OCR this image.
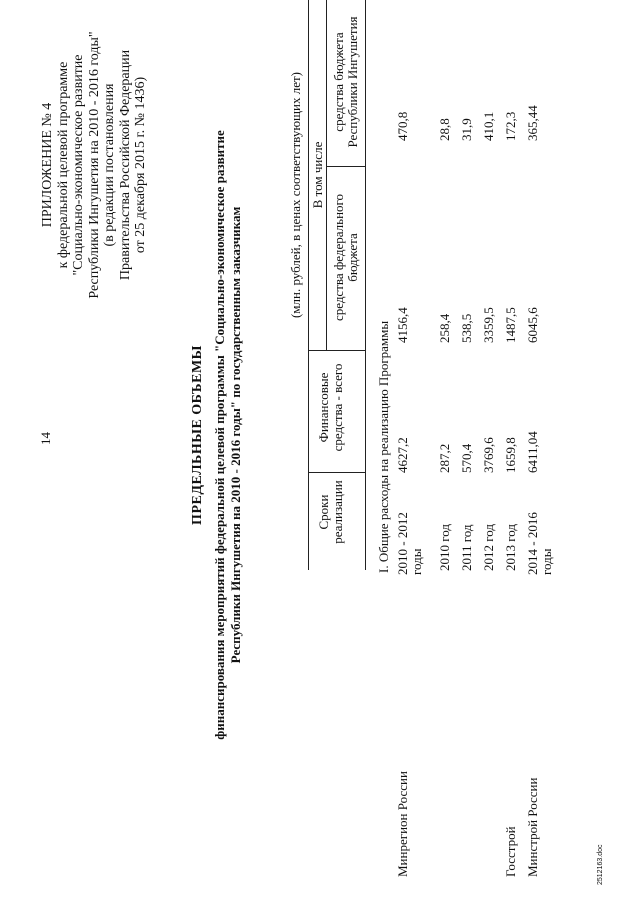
14
2512163.doc
ПРИЛОЖЕНИЕ № 4 к федеральной целевой программе "Социально-экономическое развитие Республики Ингушетия на 2010 - 2016 годы" (в редакции постановления Правительства Российской Федерации от 25 декабря 2015 г. № 1436)
ПРЕДЕЛЬНЫЕ ОБЪЕМЫ финансирования мероприятий федеральной целевой программы "Социально-экономическое развитие Республики Ингушетия на 2010 - 2016 годы" по государственным заказчикам
(млн. рублей, в ценах соответствующих лет)
Сроки реализации
Финансовые средства - всего
В том числе
средства федерального бюджета
средства бюджета Республики Ингушетия
I. Общие расходы на реализацию Программы
Минрегион России
2010 - 2012 годы
4627,2
4156,4
470,8
2010 год
287,2
258,4
28,8
2011 год
570,4
538,5
31,9
2012 год
3769,6
3359,5
410,1
Госстрой
2013 год
1659,8
1487,5
172,3
Минстрой России
2014 - 2016 годы
6411,04
6045,6
365,44
